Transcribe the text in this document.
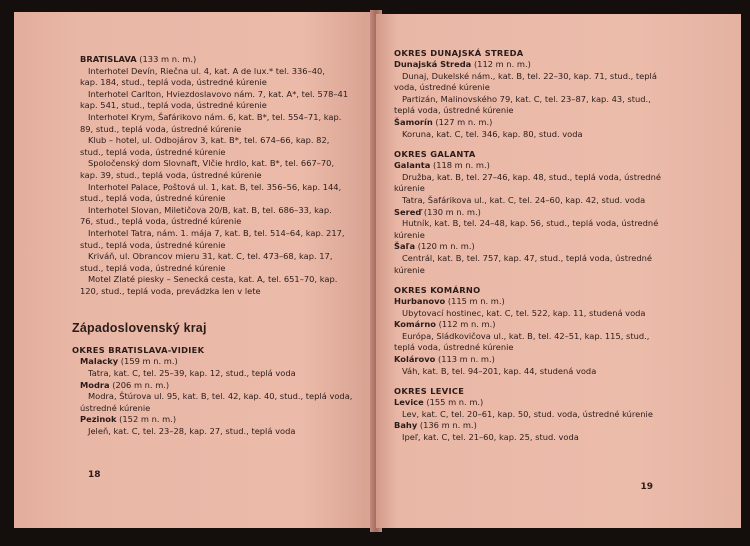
BRATISLAVA (133 m n. m.)
Interhotel Devín, Riečna ul. 4, kat. A de lux.* tel. 336–40,
kap. 184, stud., teplá voda, ústredné kúrenie
Interhotel Carlton, Hviezdoslavovo nám. 7, kat. A*, tel. 578–41
kap. 541, stud., teplá voda, ústredné kúrenie
Interhotel Krym, Šafárikovo nám. 6, kat. B*, tel. 554–71, kap.
89, stud., teplá voda, ústredné kúrenie
Klub – hotel, ul. Odbojárov 3, kat. B*, tel. 674–66, kap. 82,
stud., teplá voda, ústredné kúrenie
Spoločenský dom Slovnaft, Vlčie hrdlo, kat. B*, tel. 667–70,
kap. 39, stud., teplá voda, ústredné kúrenie
Interhotel Palace, Poštová ul. 1, kat. B, tel. 356–56, kap. 144,
stud., teplá voda, ústredné kúrenie
Interhotel Slovan, Miletičova 20/B, kat. B, tel. 686–33, kap.
76, stud., teplá voda, ústredné kúrenie
Interhotel Tatra, nám. 1. mája 7, kat. B, tel. 514–64, kap. 217,
stud., teplá voda, ústredné kúrenie
Kriváň, ul. Obrancov mieru 31, kat. C, tel. 473–68, kap. 17,
stud., teplá voda, ústredné kúrenie
Motel Zlaté piesky – Senecká cesta, kat. A, tel. 651–70, kap.
120, stud., teplá voda, prevádzka len v lete
Západoslovenský kraj
OKRES BRATISLAVA-VIDIEK
Malacky (159 m n. m.)
Tatra, kat. C, tel. 25–39, kap. 12, stud., teplá voda
Modra (206 m n. m.)
Modra, Štúrova ul. 95, kat. B, tel. 42, kap. 40, stud., teplá voda,
ústredné kúrenie
Pezinok (152 m n. m.)
Jeleň, kat. C, tel. 23–28, kap. 27, stud., teplá voda
18
OKRES DUNAJSKÁ STREDA
Dunajská Streda (112 m n. m.)
Dunaj, Dukelské nám., kat. B, tel. 22–30, kap. 71, stud., teplá
voda, ústredné kúrenie
Partizán, Malinovského 79, kat. C, tel. 23–87, kap. 43, stud.,
teplá voda, ústredné kúrenie
Šamorín (127 m n. m.)
Koruna, kat. C, tel. 346, kap. 80, stud. voda
OKRES GALANTA
Galanta (118 m n. m.)
Družba, kat. B, tel. 27–46, kap. 48, stud., teplá voda, ústredné
kúrenie
Tatra, Šafárikova ul., kat. C, tel. 24–60, kap. 42, stud. voda
Sereď (130 m n. m.)
Hutník, kat. B, tel. 24–48, kap. 56, stud., teplá voda, ústredné
kúrenie
Šaľa (120 m n. m.)
Centrál, kat. B, tel. 757, kap. 47, stud., teplá voda, ústredné
kúrenie
OKRES KOMÁRNO
Hurbanovo (115 m n. m.)
Ubytovací hostinec, kat. C, tel. 522, kap. 11, studená voda
Komárno (112 m n. m.)
Európa, Sládkovičova ul., kat. B, tel. 42–51, kap. 115, stud.,
teplá voda, ústredné kúrenie
Kolárovo (113 m n. m.)
Váh, kat. B, tel. 94–201, kap. 44, studená voda
OKRES LEVICE
Levice (155 m n. m.)
Lev, kat. C, tel. 20–61, kap. 50, stud. voda, ústredné kúrenie
Bahy (136 m n. m.)
Ipeľ, kat. C, tel. 21–60, kap. 25, stud. voda
19
